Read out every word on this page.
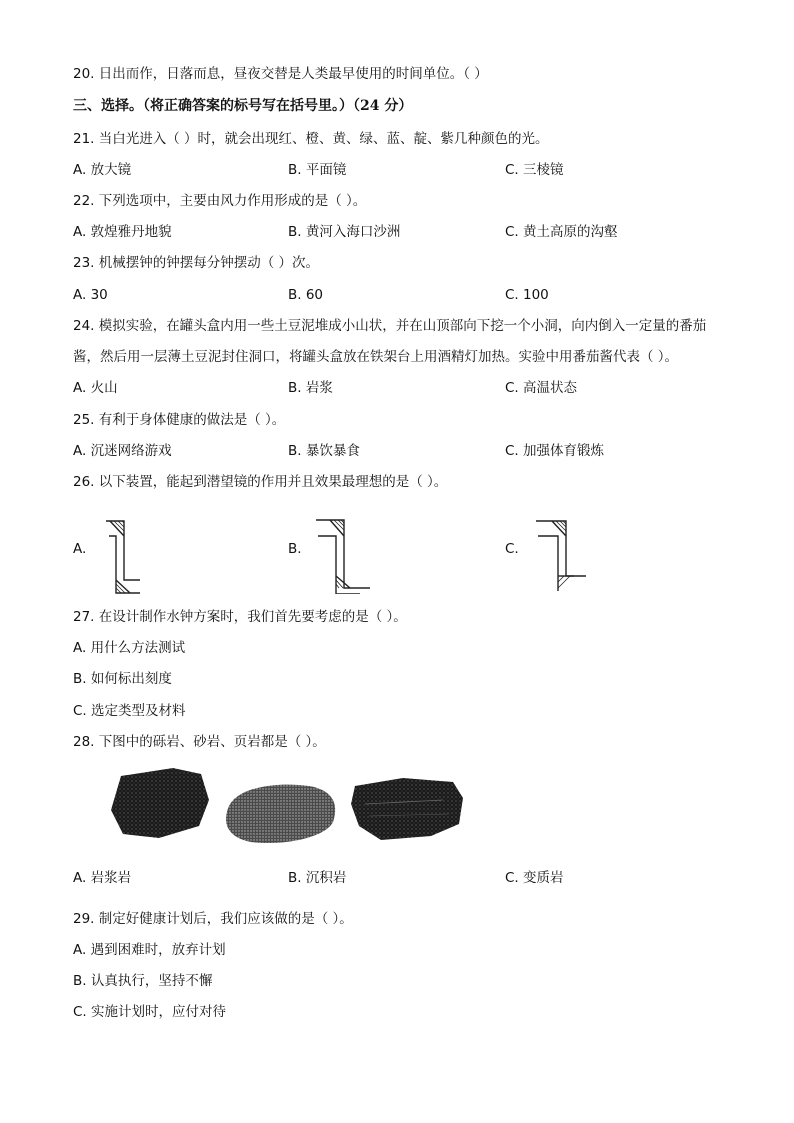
20. 日出而作，日落而息，昼夜交替是人类最早使用的时间单位。（ ）
三、选择。（将正确答案的标号写在括号里。）（24 分）
21. 当白光进入（ ）时，就会出现红、橙、黄、绿、蓝、靛、紫几种颜色的光。
A. 放大镜	B. 平面镜	C. 三棱镜
22. 下列选项中，主要由风力作用形成的是（ ）。
A. 敦煌雅丹地貌	B. 黄河入海口沙洲	C. 黄土高原的沟壑
23. 机械摆钟的钟摆每分钟摆动（ ）次。
A. 30	B. 60	C. 100
24. 模拟实验，在罐头盒内用一些土豆泥堆成小山状，并在山顶部向下挖一个小洞，向内倒入一定量的番茄
酱，然后用一层薄土豆泥封住洞口，将罐头盒放在铁架台上用酒精灯加热。实验中用番茄酱代表（ ）。
A. 火山	B. 岩浆	C. 高温状态
25. 有利于身体健康的做法是（ ）。
A. 沉迷网络游戏	B. 暴饮暴食	C. 加强体育锻炼
26. 以下装置，能起到潜望镜的作用并且效果最理想的是（ ）。
A.	B.	C.
27. 在设计制作水钟方案时，我们首先要考虑的是（ ）。
A. 用什么方法测试
B. 如何标出刻度
C. 选定类型及材料
28. 下图中的砾岩、砂岩、页岩都是（ ）。
A. 岩浆岩	B. 沉积岩	C. 变质岩
29. 制定好健康计划后，我们应该做的是（ ）。
A. 遇到困难时，放弃计划
B. 认真执行，坚持不懈
C. 实施计划时，应付对待
